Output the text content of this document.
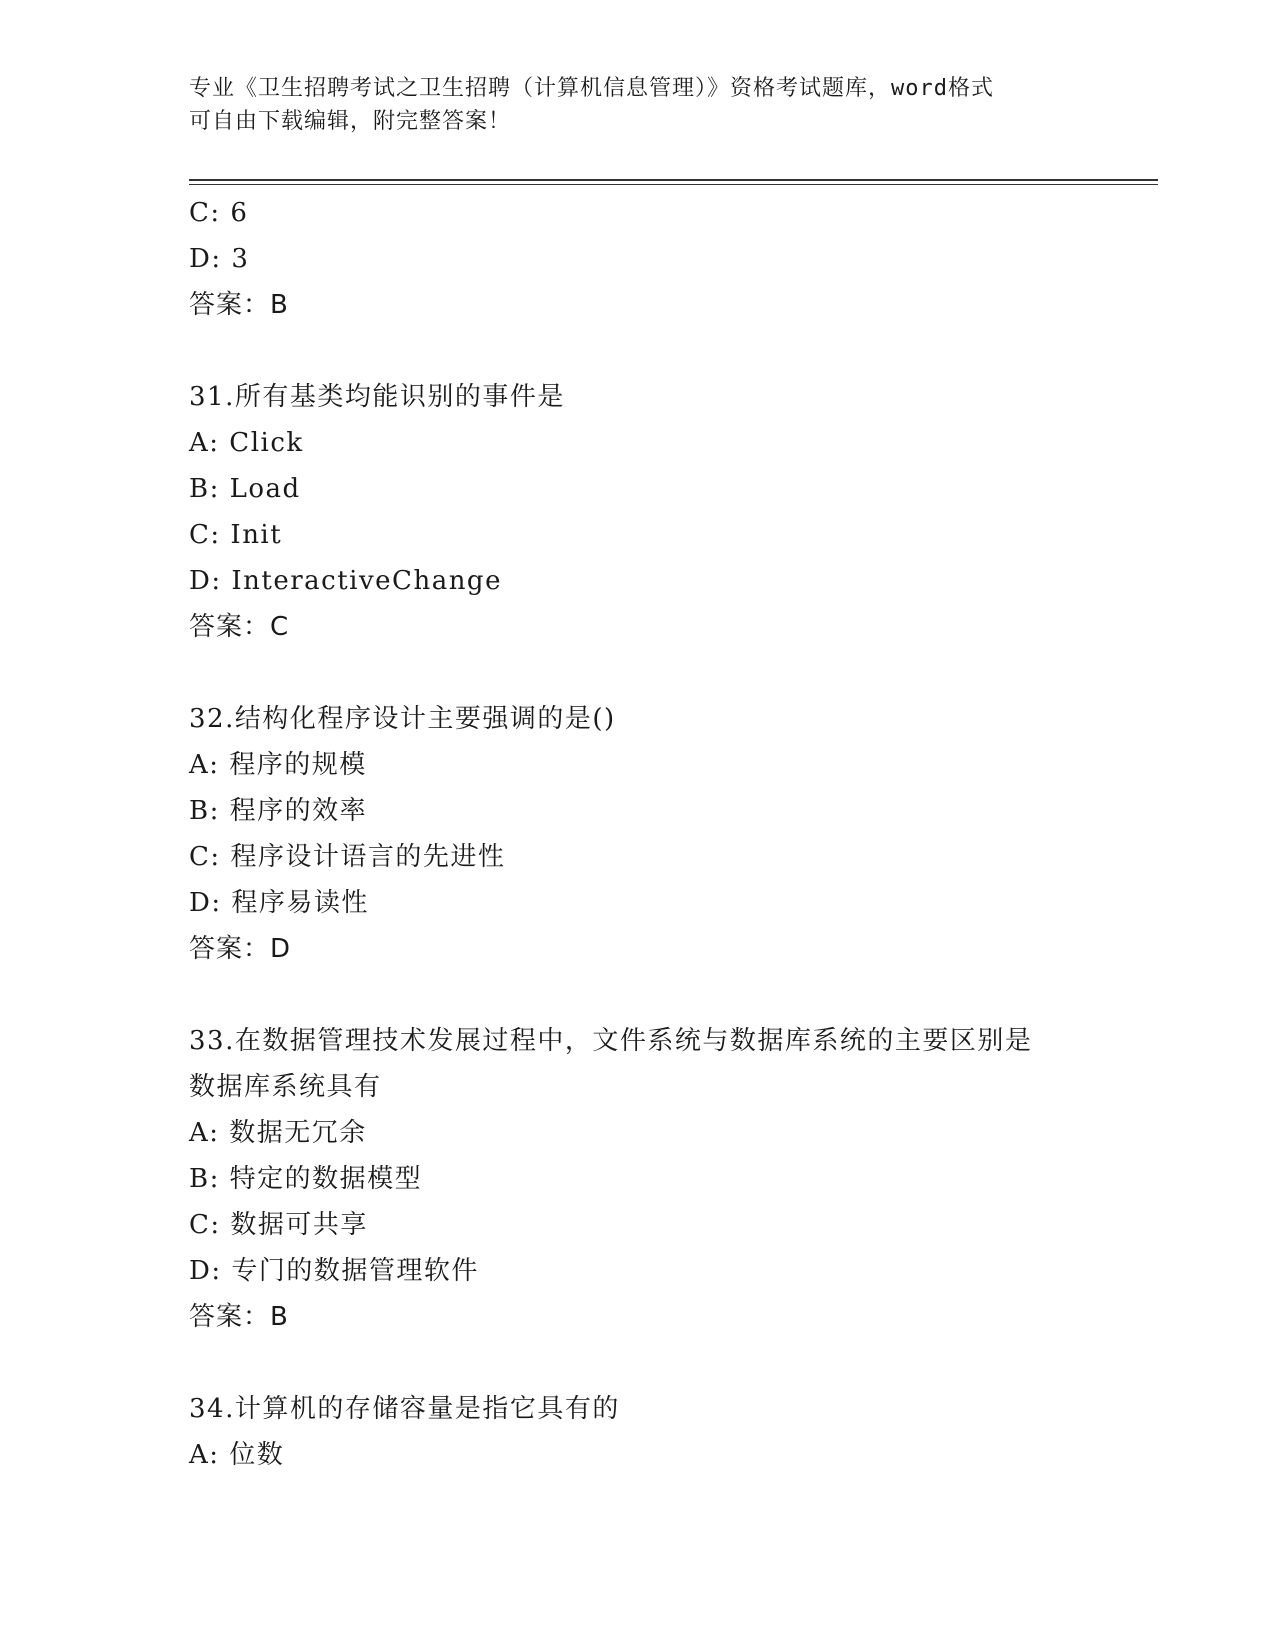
专业《卫生招聘考试之卫生招聘（计算机信息管理）》资格考试题库，word格式
可自由下载编辑，附完整答案！
C: 6
D: 3
答案：B
31.所有基类均能识别的事件是
A: Click
B: Load
C: Init
D: InteractiveChange
答案：C
32.结构化程序设计主要强调的是()
A: 程序的规模
B: 程序的效率
C: 程序设计语言的先进性
D: 程序易读性
答案：D
33.在数据管理技术发展过程中，文件系统与数据库系统的主要区别是
数据库系统具有
A: 数据无冗余
B: 特定的数据模型
C: 数据可共享
D: 专门的数据管理软件
答案：B
34.计算机的存储容量是指它具有的
A: 位数
